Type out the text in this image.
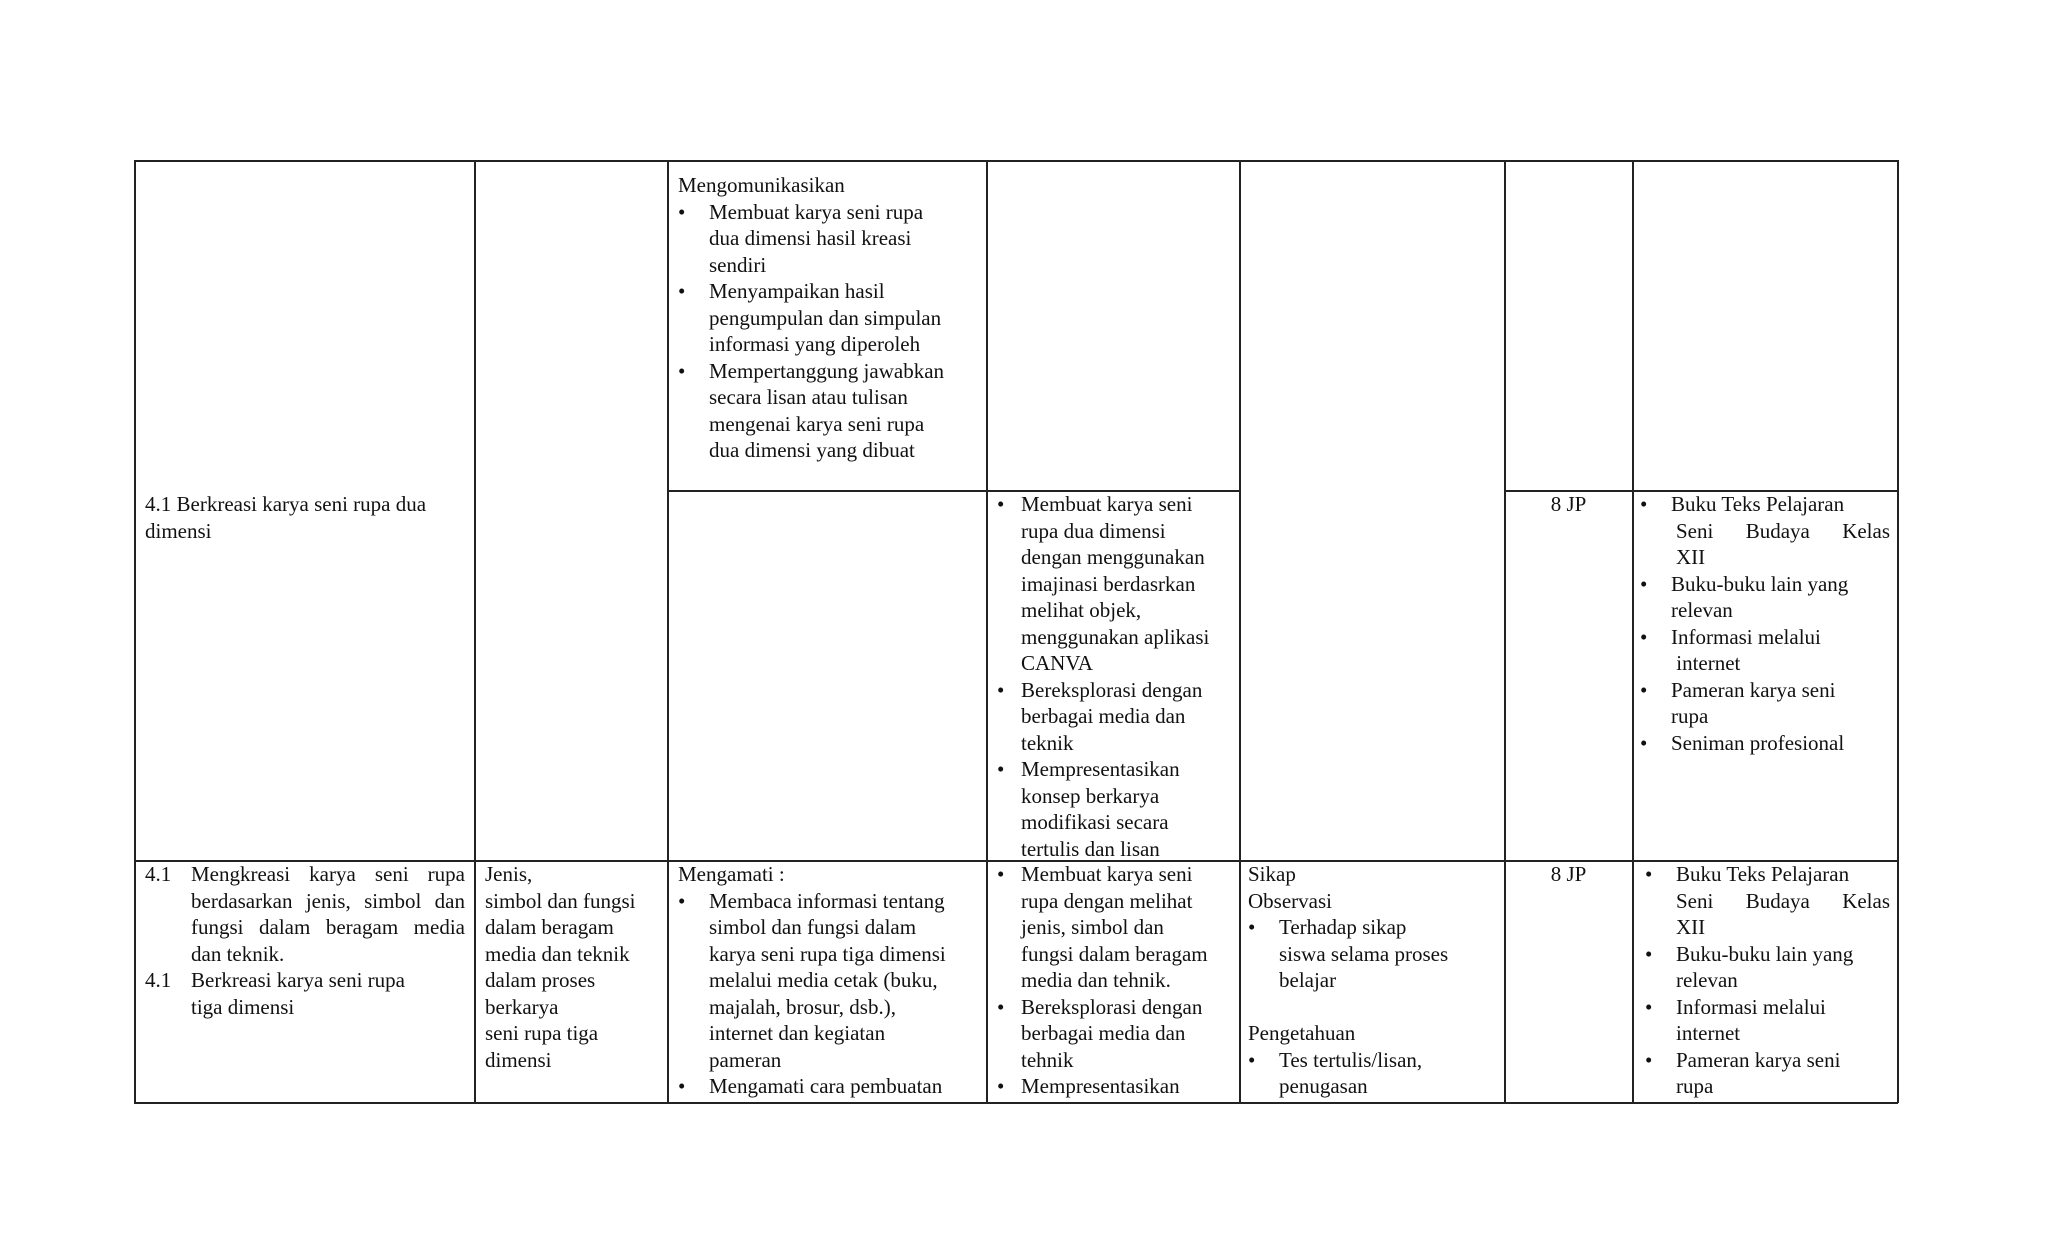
Mengomunikasikan
• Membuat karya seni rupa
dua dimensi hasil kreasi
sendiri
• Menyampaikan hasil
pengumpulan dan simpulan
informasi yang diperoleh
• Mempertanggung jawabkan
secara lisan atau tulisan
mengenai karya seni rupa
dua dimensi yang dibuat
4.1 Berkreasi karya seni rupa dua
dimensi
• Membuat karya seni
rupa dua dimensi
dengan menggunakan
imajinasi berdasrkan
melihat objek,
menggunakan aplikasi
CANVA
• Bereksplorasi dengan
berbagai media dan
teknik
• Mempresentasikan
konsep berkarya
modifikasi secara
tertulis dan lisan
8 JP	• Buku Teks Pelajaran
Seni Budaya Kelas
XII
• Buku-buku lain yang
relevan
• Informasi melalui
internet
• Pameran karya seni
rupa
• Seniman profesional
4.1 Mengkreasi karya seni rupa
berdasarkan jenis, simbol dan
fungsi dalam beragam media
dan teknik.
4.1 Berkreasi karya seni rupa
tiga dimensi
Jenis,
simbol dan fungsi
dalam beragam
media dan teknik
dalam proses
berkarya
seni rupa tiga
dimensi
Mengamati :
• Membaca informasi tentang
simbol dan fungsi dalam
karya seni rupa tiga dimensi
melalui media cetak (buku,
majalah, brosur, dsb.),
internet dan kegiatan
pameran
• Mengamati cara pembuatan
• Membuat karya seni
rupa dengan melihat
jenis, simbol dan
fungsi dalam beragam
media dan tehnik.
• Bereksplorasi dengan
berbagai media dan
tehnik
• Mempresentasikan
Sikap
Observasi
• Terhadap sikap
siswa selama proses
belajar
Pengetahuan
• Tes tertulis/lisan,
penugasan
8 JP	• Buku Teks Pelajaran
Seni Budaya Kelas
XII
• Buku-buku lain yang
relevan
• Informasi melalui
internet
• Pameran karya seni
rupa
